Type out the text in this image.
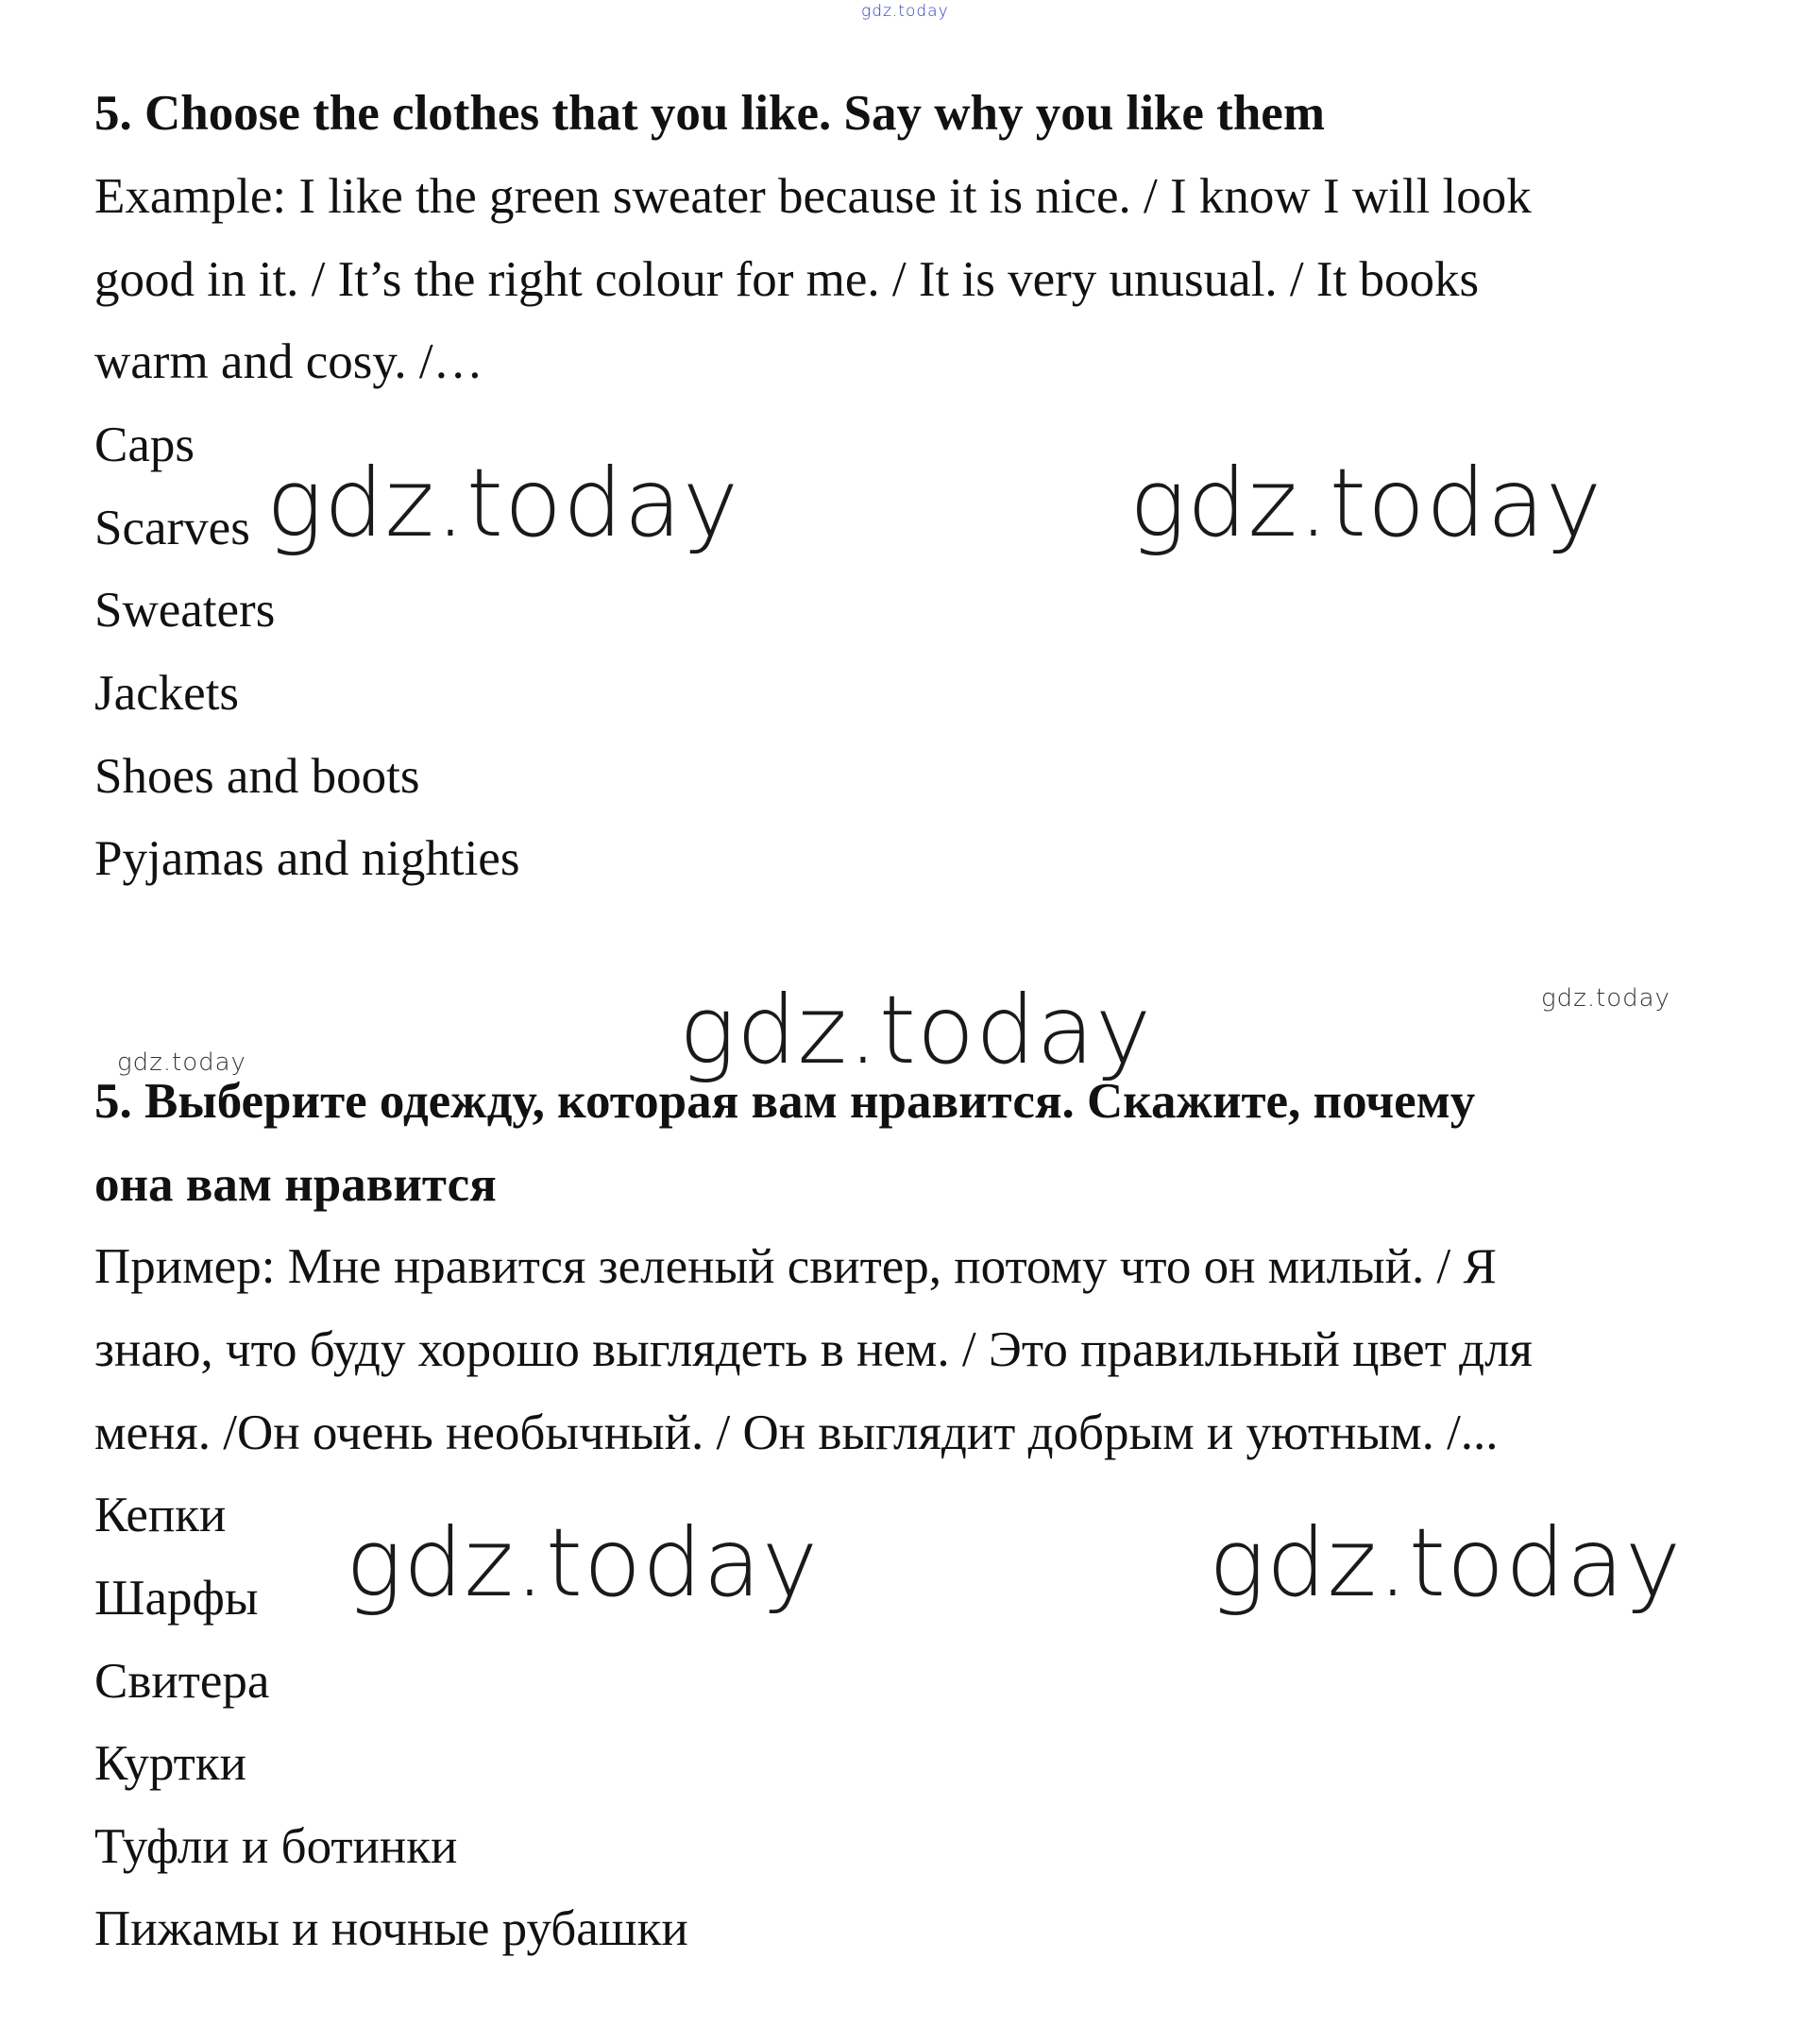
gdz.today
5. Choose the clothes that you like. Say why you like them
Example: I like the green sweater because it is nice. / I know I will look
good in it. / It’s the right colour for me. / It is very unusual. / It books
warm and cosy. /…
Caps
Scarves
Sweaters
Jackets
Shoes and boots
Pyjamas and nighties
gdz.today	gdz.today
gdz.today	gdz.today
gdz.today
5. Выберите одежду, которая вам нравится. Скажите, почему
она вам нравится
Пример: Мне нравится зеленый свитер, потому что он милый. / Я
знаю, что буду хорошо выглядеть в нем. / Это правильный цвет для
меня. /Он очень необычный. / Он выглядит добрым и уютным. /...
Кепки
Шарфы
Свитера
Куртки
Туфли и ботинки
Пижамы и ночные рубашки
gdz.today	gdz.today
